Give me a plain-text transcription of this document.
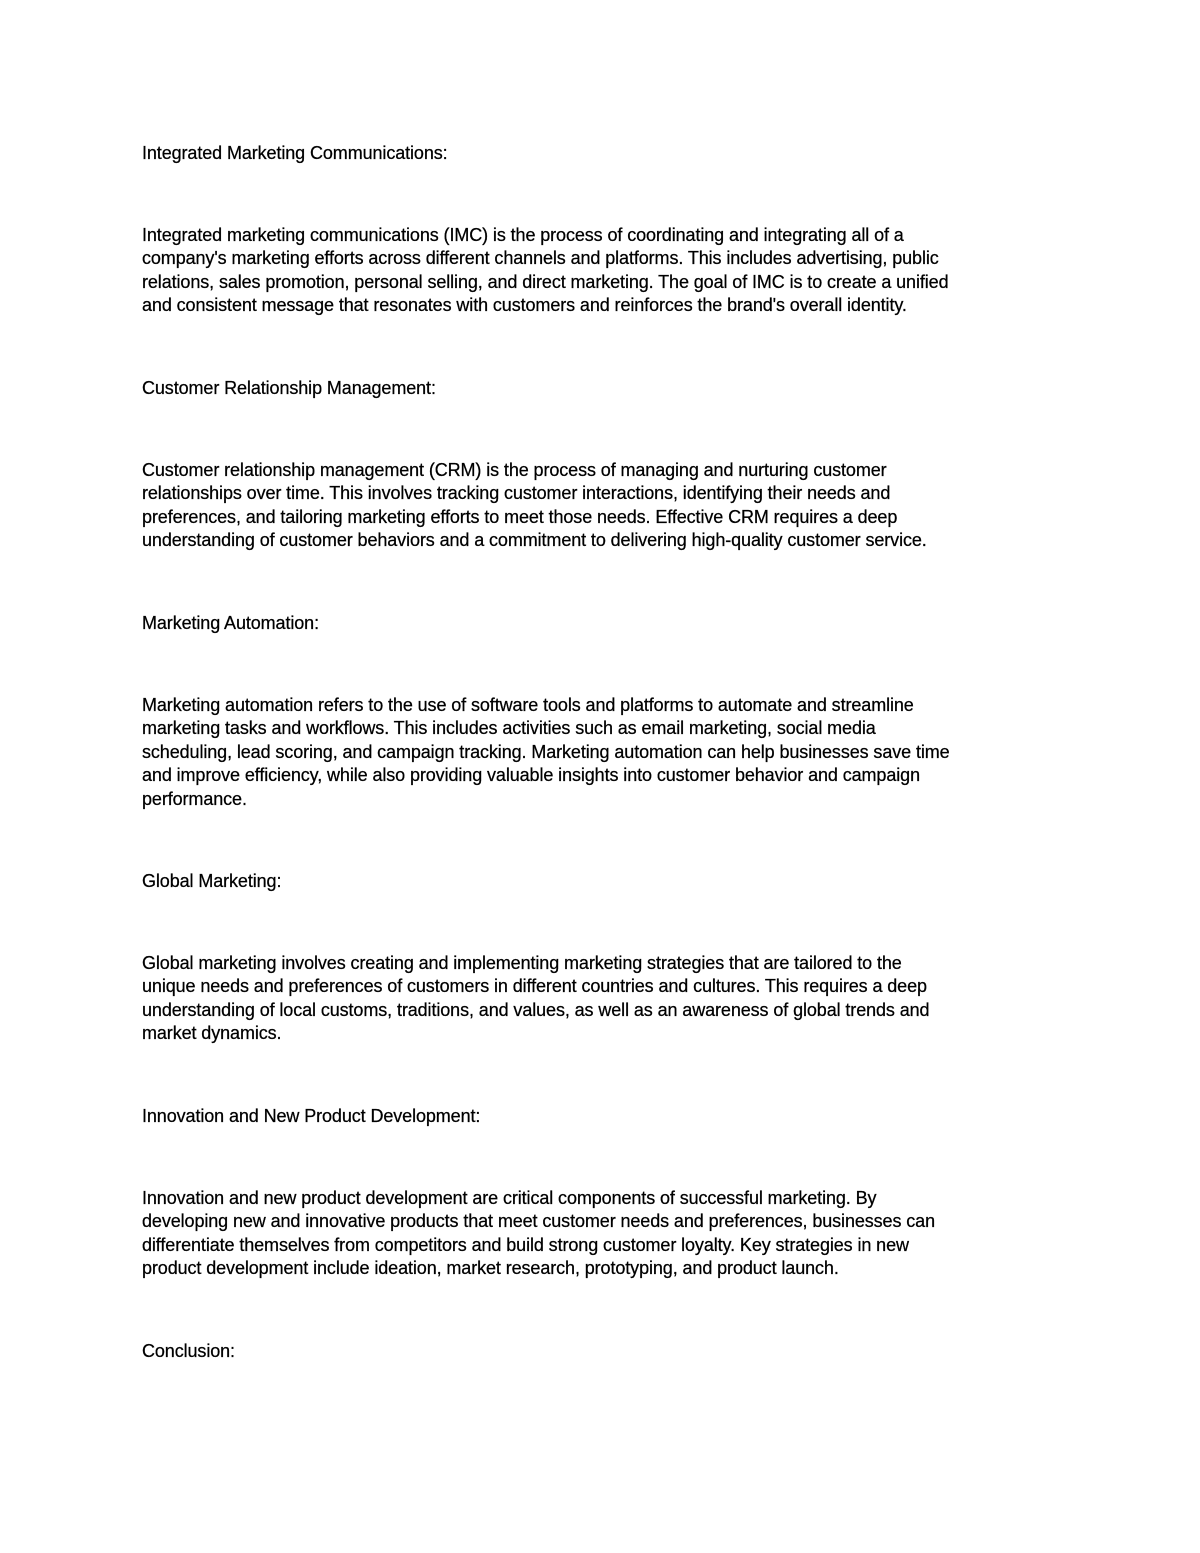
Integrated Marketing Communications:

Integrated marketing communications (IMC) is the process of coordinating and integrating all of a
company's marketing efforts across different channels and platforms. This includes advertising, public
relations, sales promotion, personal selling, and direct marketing. The goal of IMC is to create a unified
and consistent message that resonates with customers and reinforces the brand's overall identity.

Customer Relationship Management:

Customer relationship management (CRM) is the process of managing and nurturing customer
relationships over time. This involves tracking customer interactions, identifying their needs and
preferences, and tailoring marketing efforts to meet those needs. Effective CRM requires a deep
understanding of customer behaviors and a commitment to delivering high-quality customer service.

Marketing Automation:

Marketing automation refers to the use of software tools and platforms to automate and streamline
marketing tasks and workflows. This includes activities such as email marketing, social media
scheduling, lead scoring, and campaign tracking. Marketing automation can help businesses save time
and improve efficiency, while also providing valuable insights into customer behavior and campaign
performance.

Global Marketing:

Global marketing involves creating and implementing marketing strategies that are tailored to the
unique needs and preferences of customers in different countries and cultures. This requires a deep
understanding of local customs, traditions, and values, as well as an awareness of global trends and
market dynamics.

Innovation and New Product Development:

Innovation and new product development are critical components of successful marketing. By
developing new and innovative products that meet customer needs and preferences, businesses can
differentiate themselves from competitors and build strong customer loyalty. Key strategies in new
product development include ideation, market research, prototyping, and product launch.

Conclusion:
